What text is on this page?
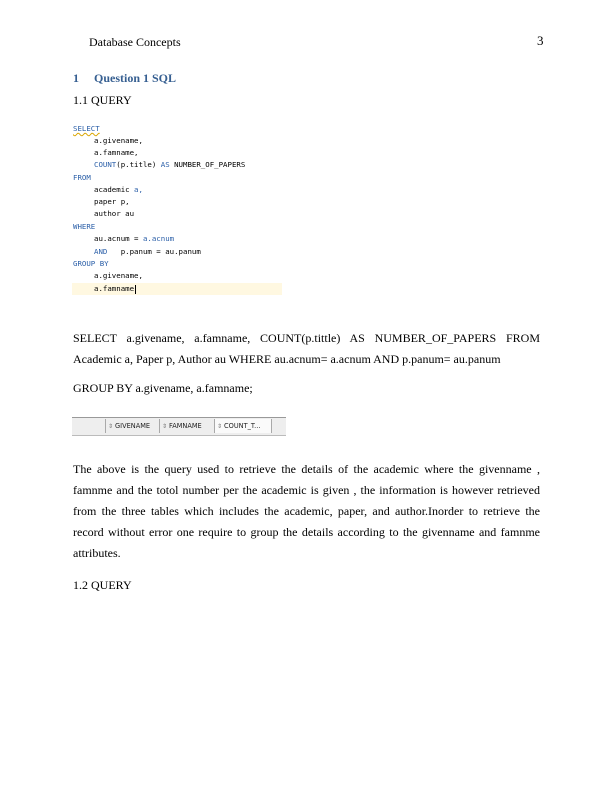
Database Concepts	3
1 Question 1 SQL
1.1 QUERY
SELECT
a.givename,
a.famname,
COUNT(p.title) AS NUMBER_OF_PAPERS
FROM
academic a,
paper p,
author au
WHERE
au.acnum = a.acnum
AND   p.panum = au.panum
GROUP BY
a.givename,
a.famname
SELECT a.givename, a.famname, COUNT(p.tittle) AS NUMBER_OF_PAPERS FROM
Academic a, Paper p, Author au WHERE au.acnum= a.acnum AND p.panum= au.panum
GROUP BY a.givename, a.famname;
⇕ GIVENAME	⇕ FAMNAME	⇕ COUNT_T...
The above is the query used to retrieve the details of the academic where the givenname , famnme and the totol number per the academic is given , the information is however retrieved from the three tables which includes the academic, paper, and author.Inorder to retrieve the record without error one require to group the details according to the givenname and famnme attributes.
1.2 QUERY
